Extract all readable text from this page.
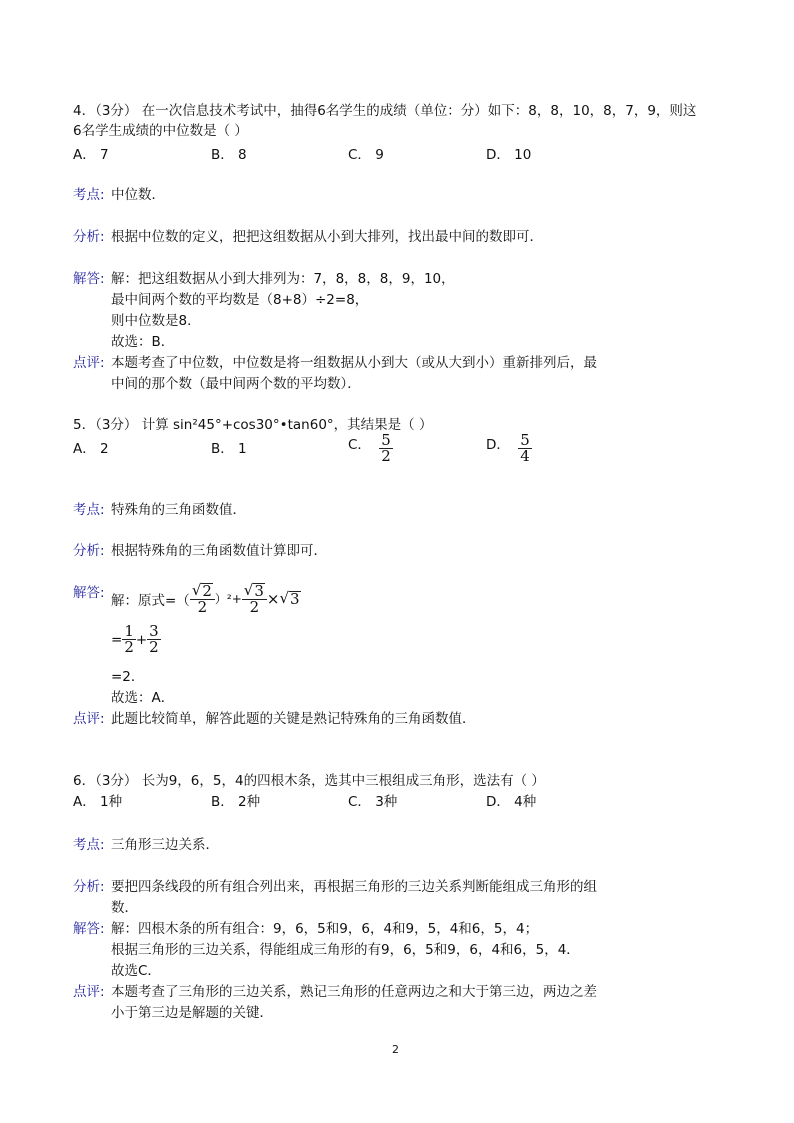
4．（3分） 在一次信息技术考试中，抽得6名学生的成绩（单位：分）如下：8，8，10，8，7，9，则这
6名学生成绩的中位数是（ ）
A． 7	B． 8	C． 9	D． 10
考点: 中位数．
分析: 根据中位数的定义，把把这组数据从小到大排列，找出最中间的数即可．
解答: 解：把这组数据从小到大排列为：7，8，8，8，9，10，
最中间两个数的平均数是（8+8）÷2=8，
则中位数是8．
故选：B．
点评: 本题考查了中位数，中位数是将一组数据从小到大（或从大到小）重新排列后，最
中间的那个数（最中间两个数的平均数）．
5．（3分） 计算 sin²45°+cos30°•tan60°，其结果是（ ）
A． 2	B． 1	C． $\frac{5}{2}$	D． $\frac{5}{4}$
考点: 特殊角的三角函数值．
分析: 根据特殊角的三角函数值计算即可．
解答: 解：原式=（ $\frac{√ 2}{2} )^2+ \frac{√ 3}{2}$ × √ 3
= $\frac{1}{2} + \frac{3}{2}$
=2．
故选：A．
点评: 此题比较简单，解答此题的关键是熟记特殊角的三角函数值．
6．（3分） 长为9，6，5，4的四根木条，选其中三根组成三角形，选法有（ ）
A． 1种	B． 2种	C． 3种	D． 4种
考点: 三角形三边关系．
分析: 要把四条线段的所有组合列出来，再根据三角形的三边关系判断能组成三角形的组
数．
解答: 解：四根木条的所有组合：9，6，5和9，6，4和9，5，4和6，5，4；
根据三角形的三边关系，得能组成三角形的有9，6，5和9，6，4和6，5，4．
故选C．
点评: 本题考查了三角形的三边关系，熟记三角形的任意两边之和大于第三边，两边之差
小于第三边是解题的关键．
2
